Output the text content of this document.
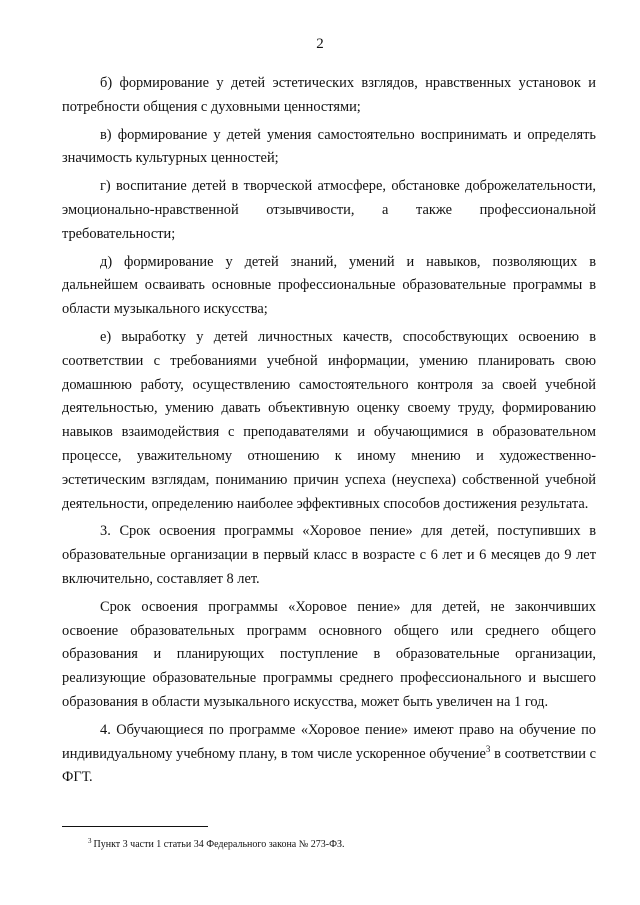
2

б) формирование у детей эстетических взглядов, нравственных установок и потребности общения с духовными ценностями;

в) формирование у детей умения самостоятельно воспринимать и определять значимость культурных ценностей;

г) воспитание детей в творческой атмосфере, обстановке доброжелательности, эмоционально-нравственной отзывчивости, а также профессиональной требовательности;

д) формирование у детей знаний, умений и навыков, позволяющих в дальнейшем осваивать основные профессиональные образовательные программы в области музыкального искусства;

е) выработку у детей личностных качеств, способствующих освоению в соответствии с требованиями учебной информации, умению планировать свою домашнюю работу, осуществлению самостоятельного контроля за своей учебной деятельностью, умению давать объективную оценку своему труду, формированию навыков взаимодействия с преподавателями и обучающимися в образовательном процессе, уважительному отношению к иному мнению и художественно-эстетическим взглядам, пониманию причин успеха (неуспеха) собственной учебной деятельности, определению наиболее эффективных способов достижения результата.

3. Срок освоения программы «Хоровое пение» для детей, поступивших в образовательные организации в первый класс в возрасте с 6 лет и 6 месяцев до 9 лет включительно, составляет 8 лет.

Срок освоения программы «Хоровое пение» для детей, не закончивших освоение образовательных программ основного общего или среднего общего образования и планирующих поступление в образовательные организации, реализующие образовательные программы среднего профессионального и высшего образования в области музыкального искусства, может быть увеличен на 1 год.

4. Обучающиеся по программе «Хоровое пение» имеют право на обучение по индивидуальному учебному плану, в том числе ускоренное обучение$^3$ в соответствии с ФГТ.

$^3$ Пункт 3 части 1 статьи 34 Федерального закона № 273-ФЗ.
